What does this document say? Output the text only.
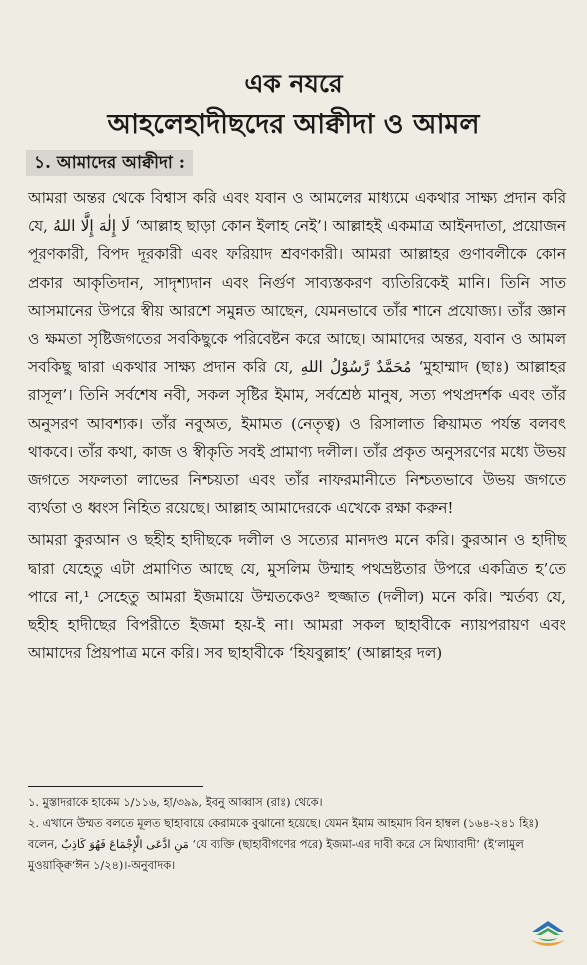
এক নযরে
আহলেহাদীছদের আক্বীদা ও আমল
১. আমাদের আক্বীদা :

আমরা অন্তর থেকে বিশ্বাস করি এবং যবান ও আমলের মাধ্যমে একথার সাক্ষ্য প্রদান করি যে, لَا إِلٰهَ إِلَّا اللهُ ‘আল্লাহ ছাড়া কোন ইলাহ নেই’। আল্লাহই একমাত্র আইনদাতা, প্রয়োজন পূরণকারী, বিপদ দূরকারী এবং ফরিয়াদ শ্রবণকারী। আমরা আল্লাহর গুণাবলীকে কোন প্রকার আকৃতিদান, সাদৃশ্যদান এবং নির্গুণ সাব্যস্তকরণ ব্যতিরিকেই মানি। তিনি সাত আসমানের উপরে স্বীয় আরশে সমুন্নত আছেন, যেমনভাবে তাঁর শানে প্রযোজ্য। তাঁর জ্ঞান ও ক্ষমতা সৃষ্টিজগতের সবকিছুকে পরিবেষ্টন করে আছে। আমাদের অন্তর, যবান ও আমল সবকিছু দ্বারা একথার সাক্ষ্য প্রদান করি যে, مُحَمَّدٌ رَّسُوْلُ اللهِ ‘মুহাম্মাদ (ছাঃ) আল্লাহর রাসূল’। তিনি সর্বশেষ নবী, সকল সৃষ্টির ইমাম, সর্বশ্রেষ্ঠ মানুষ, সত্য পথপ্রদর্শক এবং তাঁর অনুসরণ আবশ্যক। তাঁর নবুঅত, ইমামত (নেতৃত্ব) ও রিসালাত ক্বিয়ামত পর্যন্ত বলবৎ থাকবে। তাঁর কথা, কাজ ও স্বীকৃতি সবই প্রামাণ্য দলীল। তাঁর প্রকৃত অনুসরণের মধ্যে উভয় জগতে সফলতা লাভের নিশ্চয়তা এবং তাঁর নাফরমানীতে নিশ্চতভাবে উভয় জগতে ব্যর্থতা ও ধ্বংস নিহিত রয়েছে। আল্লাহ আমাদেরকে এখেকে রক্ষা করুন!

আমরা কুরআন ও ছহীহ হাদীছকে দলীল ও সত্যের মানদণ্ড মনে করি। কুরআন ও হাদীছ দ্বারা যেহেতু এটা প্রমাণিত আছে যে, মুসলিম উম্মাহ পথভ্রষ্টতার উপরে একত্রিত হ’তে পারে না,¹ সেহেতু আমরা ইজমায়ে উম্মতকেও² হুজ্জাত (দলীল) মনে করি। স্মর্তব্য যে, ছহীহ হাদীছের বিপরীতে ইজমা হয়-ই না। আমরা সকল ছাহাবীকে ন্যায়পরায়ণ এবং আমাদের প্রিয়পাত্র মনে করি। সব ছাহাবীকে ‘হিযবুল্লাহ’ (আল্লাহর দল)

১. মুস্তাদরাকে হাকেম ১/১১৬, হা/৩৯৯, ইবনু আব্বাস (রাঃ) থেকে।

২. এখানে উম্মত বলতে মূলত ছাহাবায়ে কেরামকে বুঝানো হয়েছে। যেমন ইমাম আহমাদ বিন হাম্বল (১৬৪-২৪১ হিঃ) বলেন, مَنِ ادَّعَى الْإِجْمَاعَ فَهُوَ كَاذِبٌ ‘যে ব্যক্তি (ছাহাবীগণের পরে) ইজমা-এর দাবী করে সে মিথ্যাবাদী’ (ই‘লামুল মুওয়াক্ক্বি‘ঈন ১/২৪)।-অনুবাদক।
